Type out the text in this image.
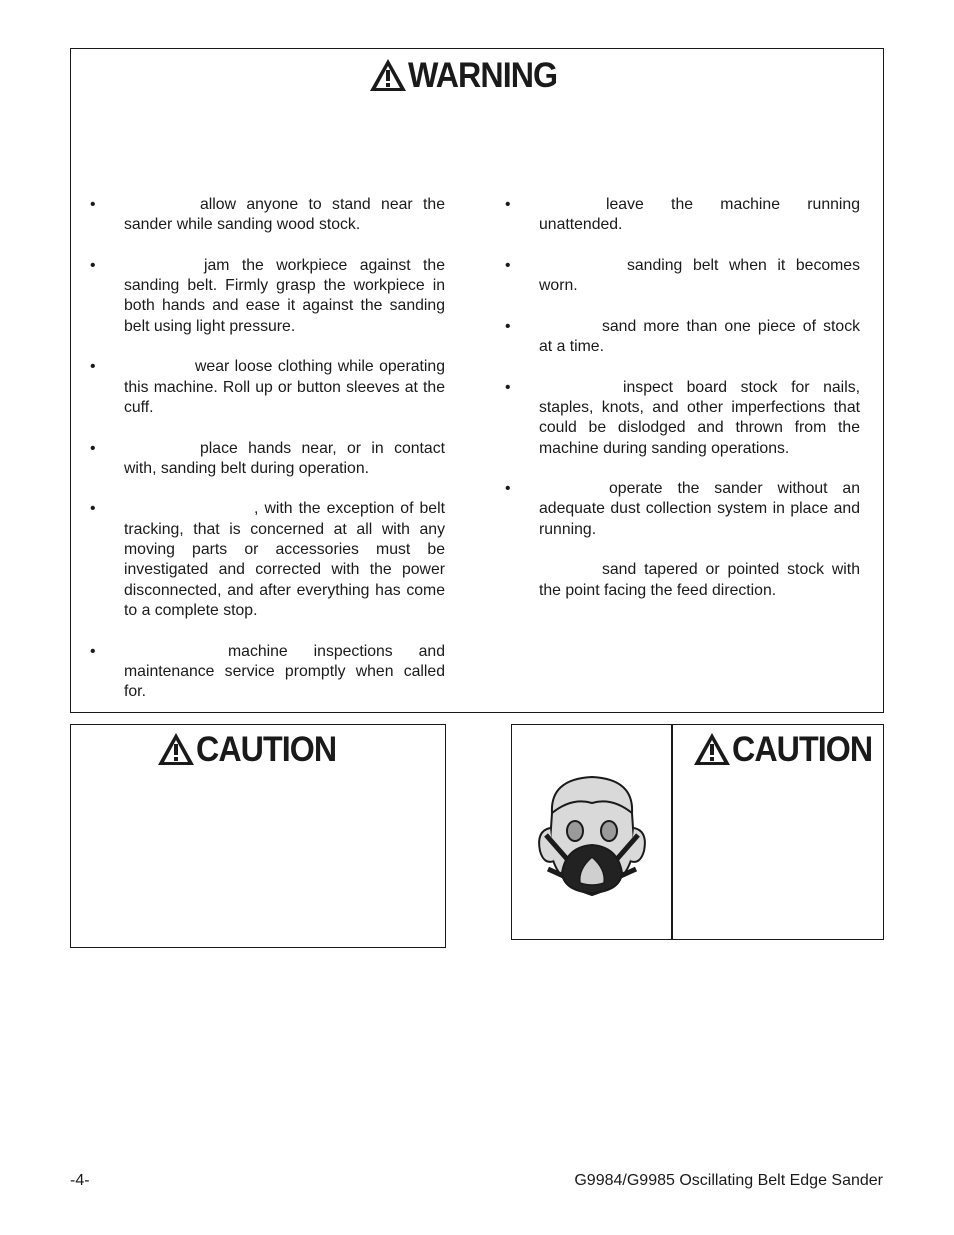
WARNING
•	allow anyone to stand near the sander while sanding wood stock.
•	jam the workpiece against the sanding belt. Firmly grasp the workpiece in both hands and ease it against the sanding belt using light pressure.
•	wear loose clothing while operating this machine. Roll up or button sleeves at the cuff.
•	place hands near, or in contact with, sanding belt during operation.
•	, with the exception of belt tracking, that is concerned at all with any moving parts or accessories must be investigated and corrected with the power disconnected, and after everything has come to a complete stop.
•	machine inspections and maintenance service promptly when called for.
•	leave the machine running unattended.
•	sanding belt when it becomes worn.
•	sand more than one piece of stock at a time.
•	inspect board stock for nails, staples, knots, and other imperfections that could be dislodged and thrown from the machine during sanding operations.
•	operate the sander without an adequate dust collection system in place and running.
sand tapered or pointed stock with the point facing the feed direction.
CAUTION	CAUTION
-4-	G9984/G9985 Oscillating Belt Edge Sander
